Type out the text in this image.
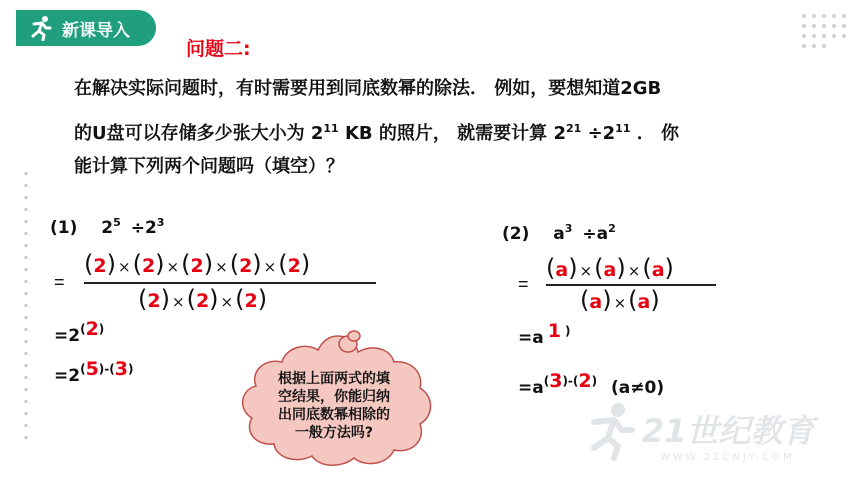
新课导入
问题二:
在解决实际问题时，有时需要用到同底数幂的除法． 例如，要想知道2GB
的U盘可以存储多少张大小为 $2^{11}$ KB 的照片， 就需要计算 $2^{21} \div 2^{11}$ ． 你
能计算下列两个问题吗（填空）？
(1) $2^5 \div 2^3$
=
(2) ×(2) ×(2) ×(2) ×(2)
(2) ×(2) ×(2)
=2(2)
=2(5)-(3)
(2) $a^3 \div a^2$
=
(a) ×(a) ×(a)
(a) ×(a)
=a 1 )
=a(3)-(2) (a≠0)
根据上面两式的填
空结果，你能归纳
出同底数幂相除的
一般方法吗?	21世纪教育
WWW.21CNJY.COM
